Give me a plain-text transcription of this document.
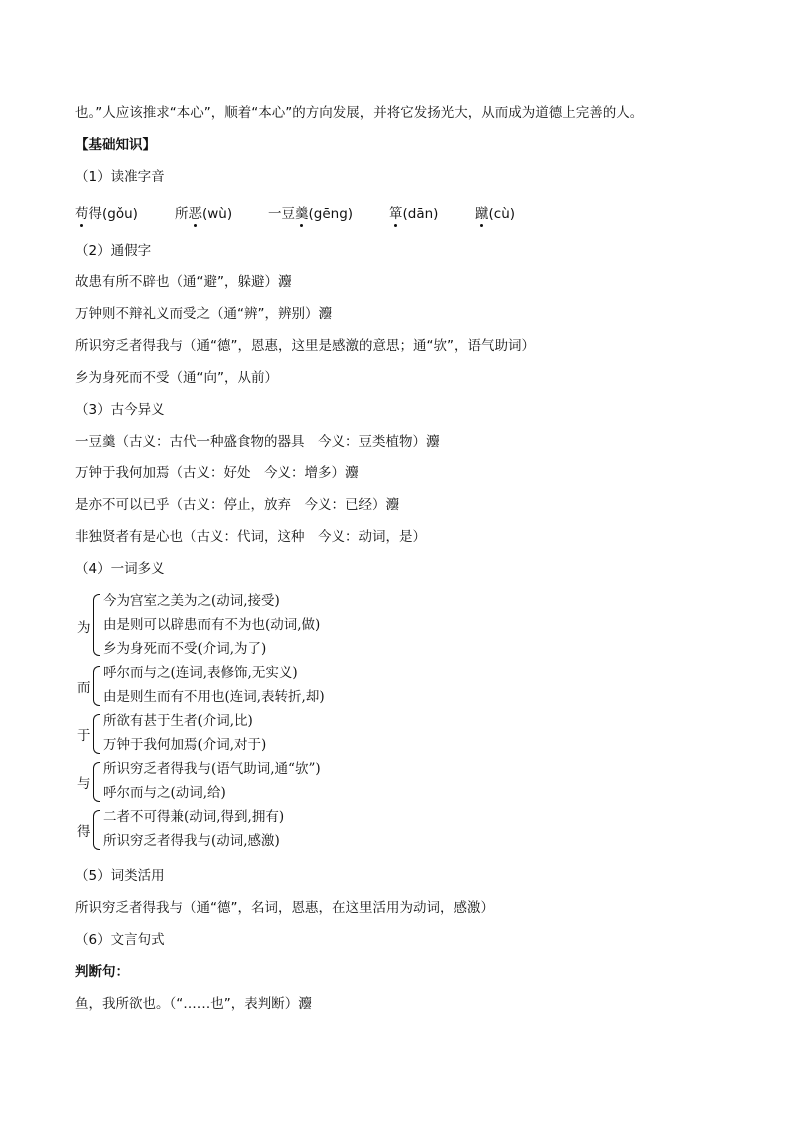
也。”人应该推求“本心”，顺着“本心”的方向发展，并将它发扬光大，从而成为道德上完善的人。
【基础知识】
（1）读准字音
苟得(gǒu)	所恶(wù)	一豆羹(gēng)	箪(dān)	蹴(cù)
（2）通假字
故患有所不辟也（通“避”，躲避）灋
万钟则不辩礼义而受之（通“辨”，辨别）灋
所识穷乏者得我与（通“德”，恩惠，这里是感激的意思；通“欤”，语气助词）
乡为身死而不受（通“向”，从前）
（3）古今异义
一豆羹（古义：古代一种盛食物的器具　今义：豆类植物）灋
万钟于我何加焉（古义：好处　今义：增多）灋
是亦不可以已乎（古义：停止，放弃　今义：已经）灋
非独贤者有是心也（古义：代词，这种　今义：动词，是）
（4）一词多义
为
今为宫室之美为之(动词,接受)
由是则可以辟患而有不为也(动词,做)
乡为身死而不受(介词,为了)
而
呼尔而与之(连词,表修饰,无实义)
由是则生而有不用也(连词,表转折,却)
于
所欲有甚于生者(介词,比)
万钟于我何加焉(介词,对于)
与
所识穷乏者得我与(语气助词,通“欤”)
呼尔而与之(动词,给)
得
二者不可得兼(动词,得到,拥有)
所识穷乏者得我与(动词,感激)
（5）词类活用
所识穷乏者得我与（通“德”，名词，恩惠，在这里活用为动词，感激）
（6）文言句式
判断句：
鱼，我所欲也。（“……也”，表判断）灋
